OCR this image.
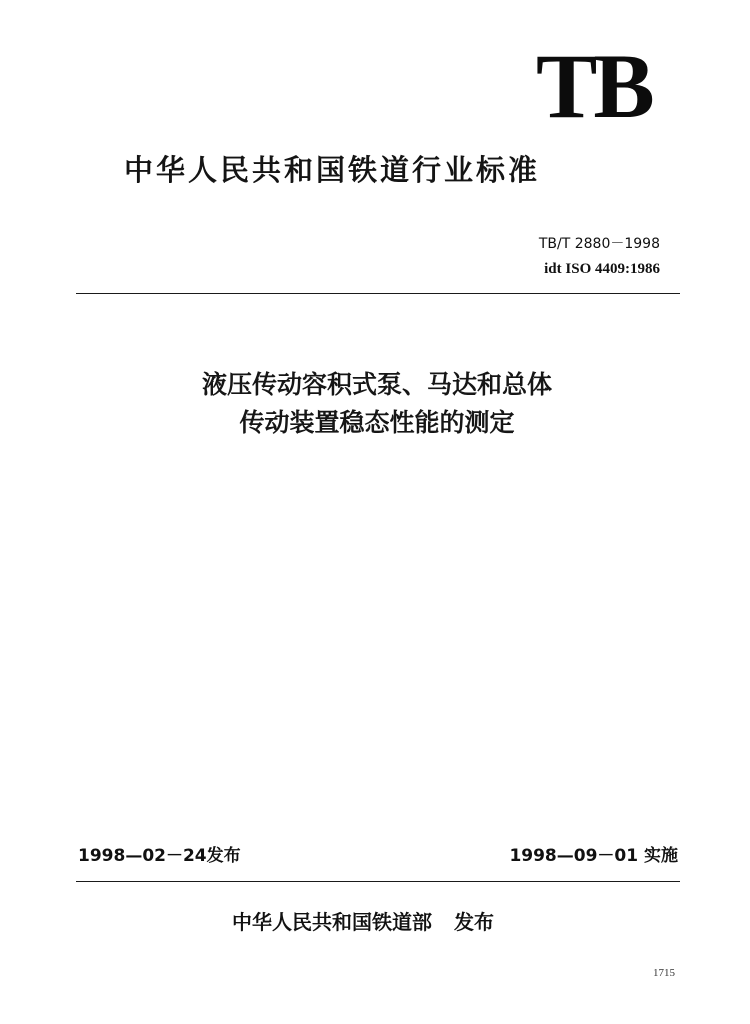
TB
中华人民共和国铁道行业标准
TB/T 2880－1998
idt ISO 4409:1986
液压传动容积式泵、马达和总体
传动装置稳态性能的测定
1998—02－24发布	1998—09－01 实施
中华人民共和国铁道部 发布
1715
